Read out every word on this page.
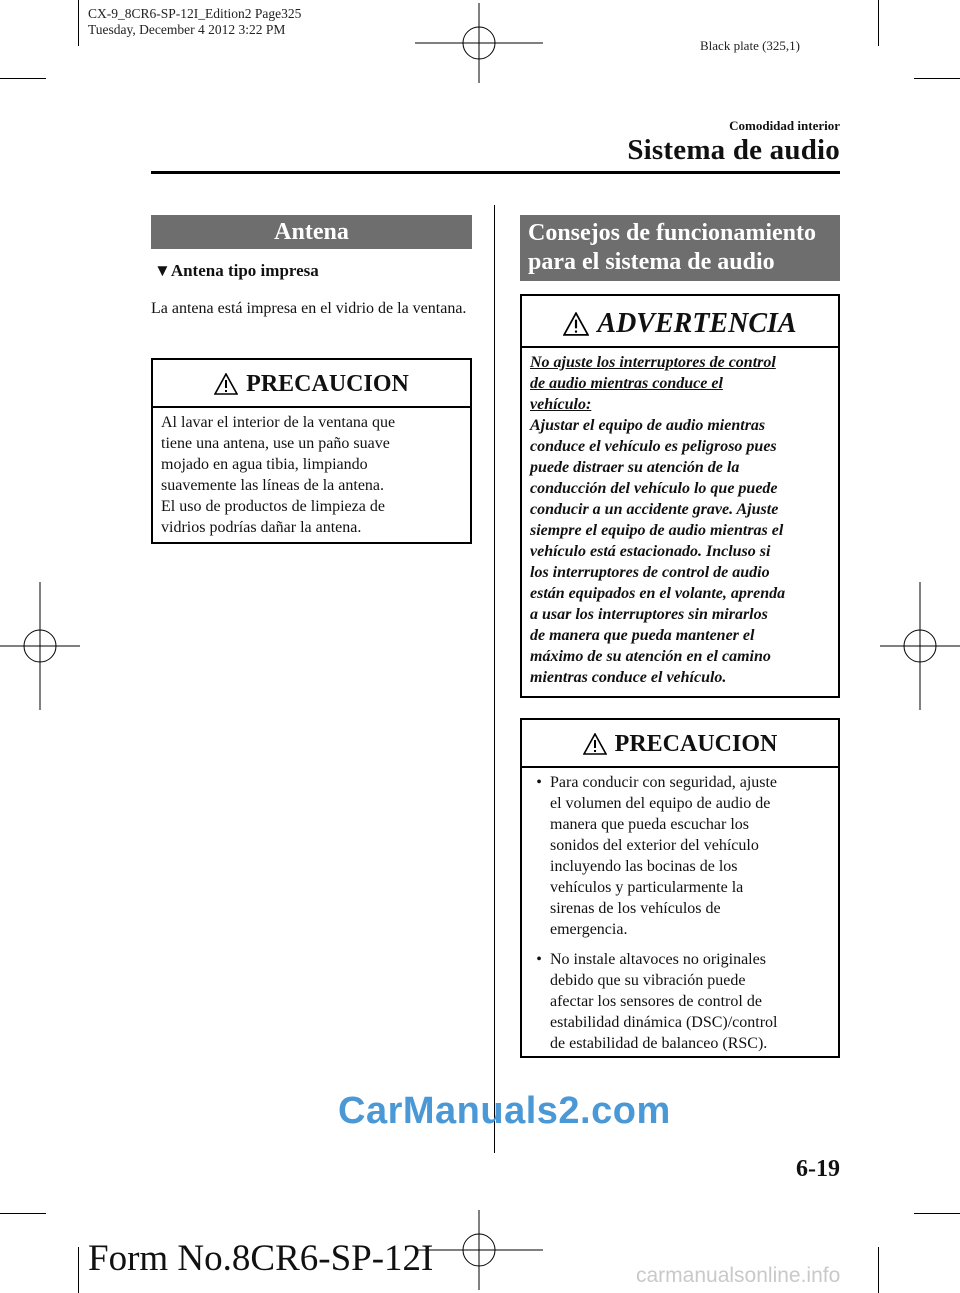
CX-9_8CR6-SP-12I_Edition2 Page325
Tuesday, December 4 2012 3:22 PM
Black plate (325,1)
Comodidad interior
Sistema de audio
Antena
▼Antena tipo impresa
La antena está impresa en el vidrio de la ventana.
PRECAUCION
Al lavar el interior de la ventana que
tiene una antena, use un paño suave
mojado en agua tibia, limpiando
suavemente las líneas de la antena.
El uso de productos de limpieza de
vidrios podrías dañar la antena.
Consejos de funcionamiento
para el sistema de audio
ADVERTENCIA
No ajuste los interruptores de control
de audio mientras conduce el
vehículo:
Ajustar el equipo de audio mientras
conduce el vehículo es peligroso pues
puede distraer su atención de la
conducción del vehículo lo que puede
conducir a un accidente grave. Ajuste
siempre el equipo de audio mientras el
vehículo está estacionado. Incluso si
los interruptores de control de audio
están equipados en el volante, aprenda
a usar los interruptores sin mirarlos
de manera que pueda mantener el
máximo de su atención en el camino
mientras conduce el vehículo.
PRECAUCION
• Para conducir con seguridad, ajuste
el volumen del equipo de audio de
manera que pueda escuchar los
sonidos del exterior del vehículo
incluyendo las bocinas de los
vehículos y particularmente la
sirenas de los vehículos de
emergencia.
• No instale altavoces no originales
debido que su vibración puede
afectar los sensores de control de
estabilidad dinámica (DSC)/control
de estabilidad de balanceo (RSC).
CarManuals2.com
6-19
Form No.8CR6-SP-12I	carmanualsonline.info
